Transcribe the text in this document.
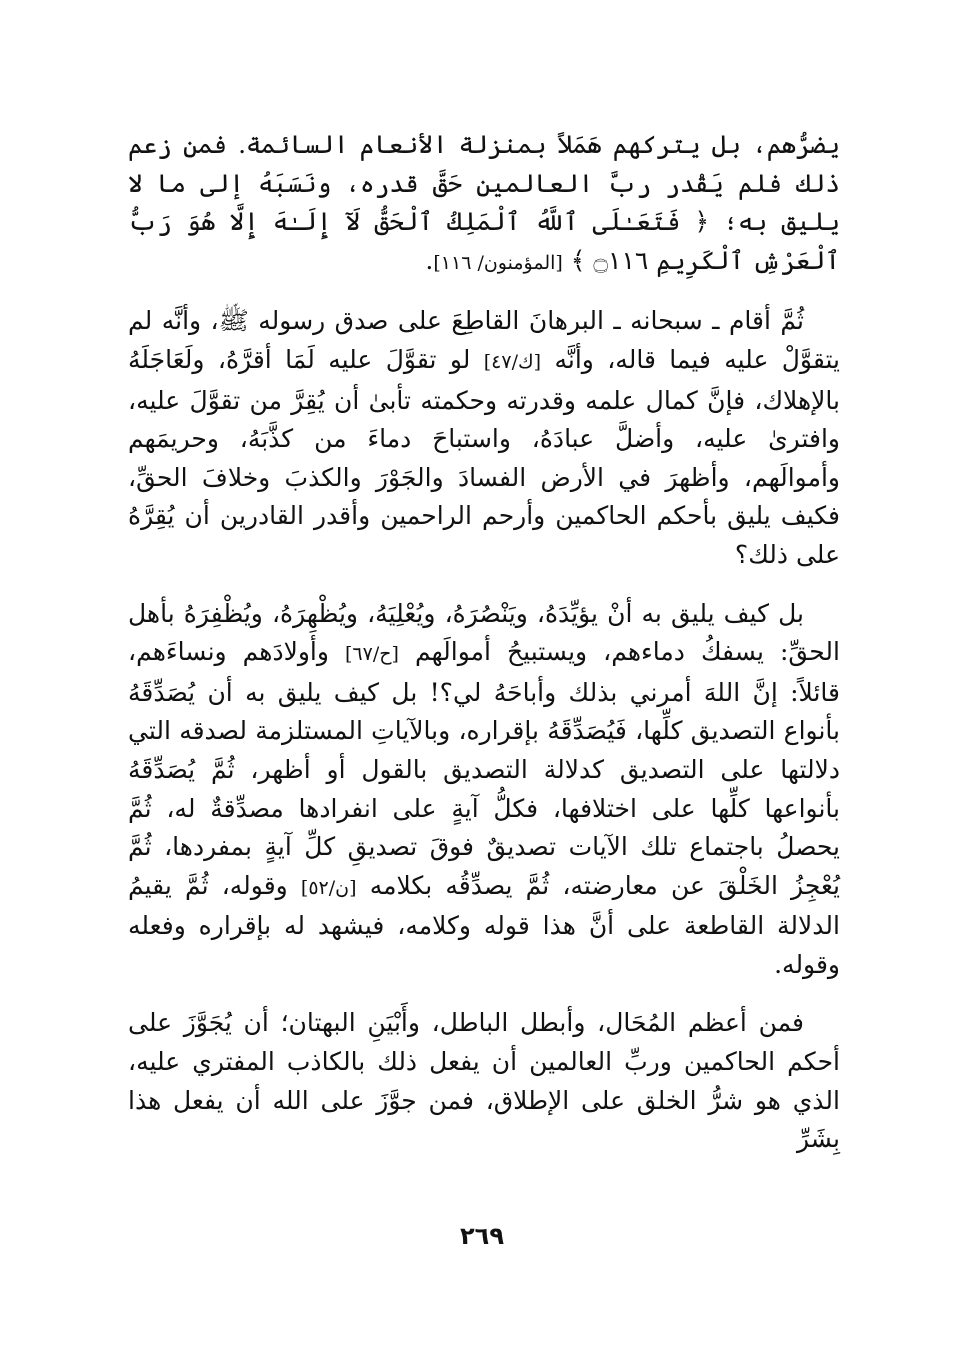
يضرُّهم، بل يتركهم هَمَلاً بمنزلة الأنعام السائمة. فمن زعم ذلك فلم يَقْدر ربَّ العالمين حَقَّ قدره، ونَسَبَهُ إلى ما لا يليق به؛ ﴿ فَتَعَـٰلَى ٱللَّهُ ٱلْمَلِكُ ٱلْحَقُّ لَآ إِلَـٰهَ إِلَّا هُوَ رَبُّ ٱلْعَرْشِ ٱلْكَرِيمِ ۝١١٦ ﴾ [المؤمنون/ ١١٦].

ثُمَّ أقام ـ سبحانه ـ البرهانَ القاطِعَ على صدق رسوله ﷺ، وأنَّه لم يتقوَّلْ عليه فيما قاله، وأنَّه [ك/٤٧] لو تقوَّلَ عليه لَمَا أقرَّهُ، ولَعَاجَلَهُ بالإهلاك، فإنَّ كمال علمه وقدرته وحكمته تأبىٰ أن يُقِرَّ من تقوَّلَ عليه، وافترىٰ عليه، وأضلَّ عبادَهُ، واستباحَ دماءَ من كذَّبَهُ، وحريمَهم وأموالَهم، وأظهرَ في الأرض الفسادَ والجَوْرَ والكذبَ وخلافَ الحقِّ، فكيف يليق بأحكم الحاكمين وأرحم الراحمين وأقدر القادرين أن يُقِرَّهُ على ذلك؟

بل كيف يليق به أنْ يؤيِّدَهُ، ويَنْصُرَهُ، ويُعْلِيَهُ، ويُظْهِرَهُ، ويُظْفِرَهُ بأهل الحقِّ: يسفكُ دماءهم، ويستبيحُ أموالَهم [ح/٦٧] وأولادَهم ونساءَهم، قائلاً: إنَّ اللهَ أمرني بذلك وأباحَهُ لي؟! بل كيف يليق به أن يُصَدِّقَهُ بأنواع التصديق كلِّها، فَيُصَدِّقَهُ بإقراره، وبالآياتِ المستلزمة لصدقه التي دلالتها على التصديق كدلالة التصديق بالقول أو أظهر، ثُمَّ يُصَدِّقَهُ بأنواعها كلِّها على اختلافها، فكلُّ آيةٍ على انفرادها مصدِّقةٌ له، ثُمَّ يحصلُ باجتماع تلك الآيات تصديقٌ فوقَ تصديقِ كلِّ آيةٍ بمفردها، ثُمَّ يُعْجِزُ الخَلْقَ عن معارضته، ثُمَّ يصدِّقُه بكلامه [ن/٥٢] وقوله، ثُمَّ يقيمُ الدلالة القاطعة على أنَّ هذا قوله وكلامه، فيشهد له بإقراره وفعله وقوله.

فمن أعظم المُحَال، وأبطل الباطل، وأَبْيَنِ البهتان؛ أن يُجَوَّزَ على أحكم الحاكمين وربِّ العالمين أن يفعل ذلك بالكاذب المفتري عليه، الذي هو شرُّ الخلق على الإطلاق، فمن جوَّزَ على الله أن يفعل هذا بِشَرِّ

٢٦٩
